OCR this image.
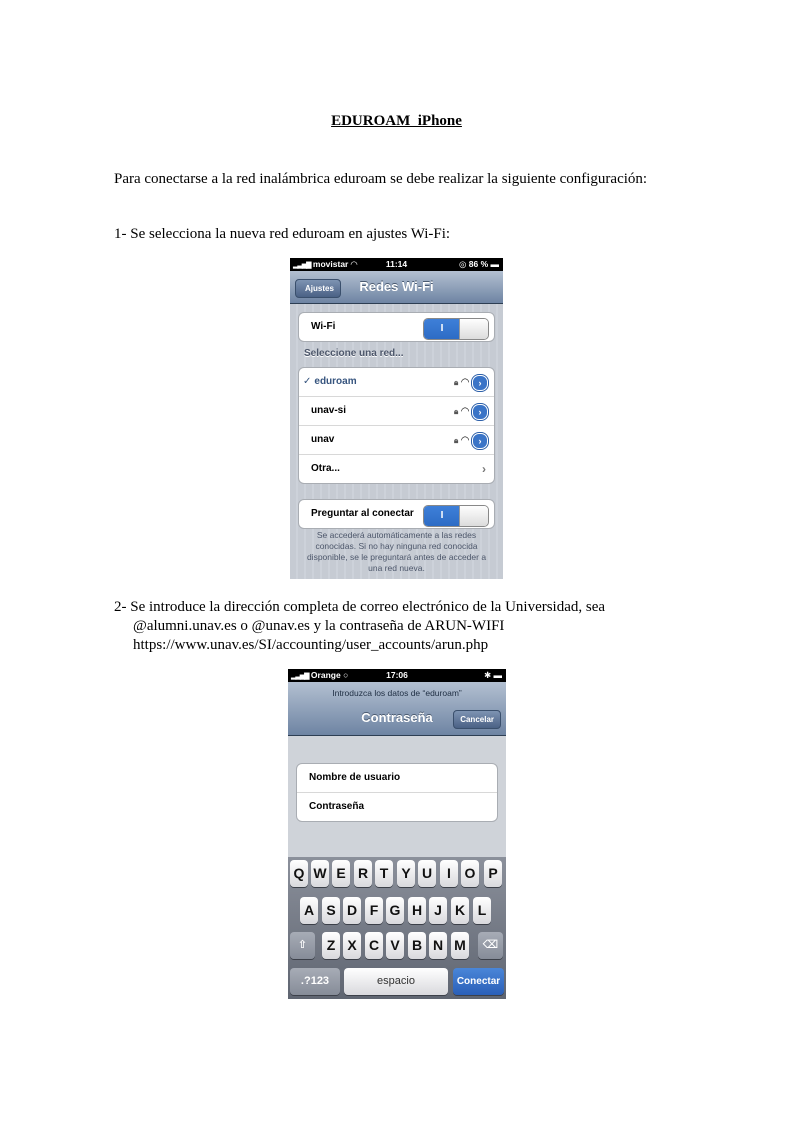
EDUROAM  iPhone
Para conectarse a la red inalámbrica eduroam se debe realizar la siguiente configuración:
1- Se selecciona la nueva red eduroam en ajustes Wi-Fi:
2- Se introduce la dirección completa de correo electrónico de la Universidad, sea
@alumni.unav.es o @unav.es y la contraseña de ARUN-WIFI
https://www.unav.es/SI/accounting/user_accounts/arun.php
▂▃▅▇ movistar ◠	11:14	◎ 86 % ▬
Ajustes	Redes Wi-Fi
Wi-Fi	I
Seleccione una red...
✓ eduroam	🔒︎ ◠ ›
unav-si	🔒︎ ◠ ›
unav	🔒︎ ◠ ›
Otra...	›
Preguntar al conectar	I
Se accederá automáticamente a las redes conocidas. Si no hay ninguna red conocida disponible, se le preguntará antes de acceder a una red nueva.
▂▃▅▇ Orange ○	17:06	✱ ▬
Introduzca los datos de “eduroam”
Contraseña	Cancelar
Nombre de usuario
Contraseña
Q W E R T Y U	I O P
A S D F G H J K L
⇧	Z X C V B N M	⌫
.?123	espacio	Conectar
